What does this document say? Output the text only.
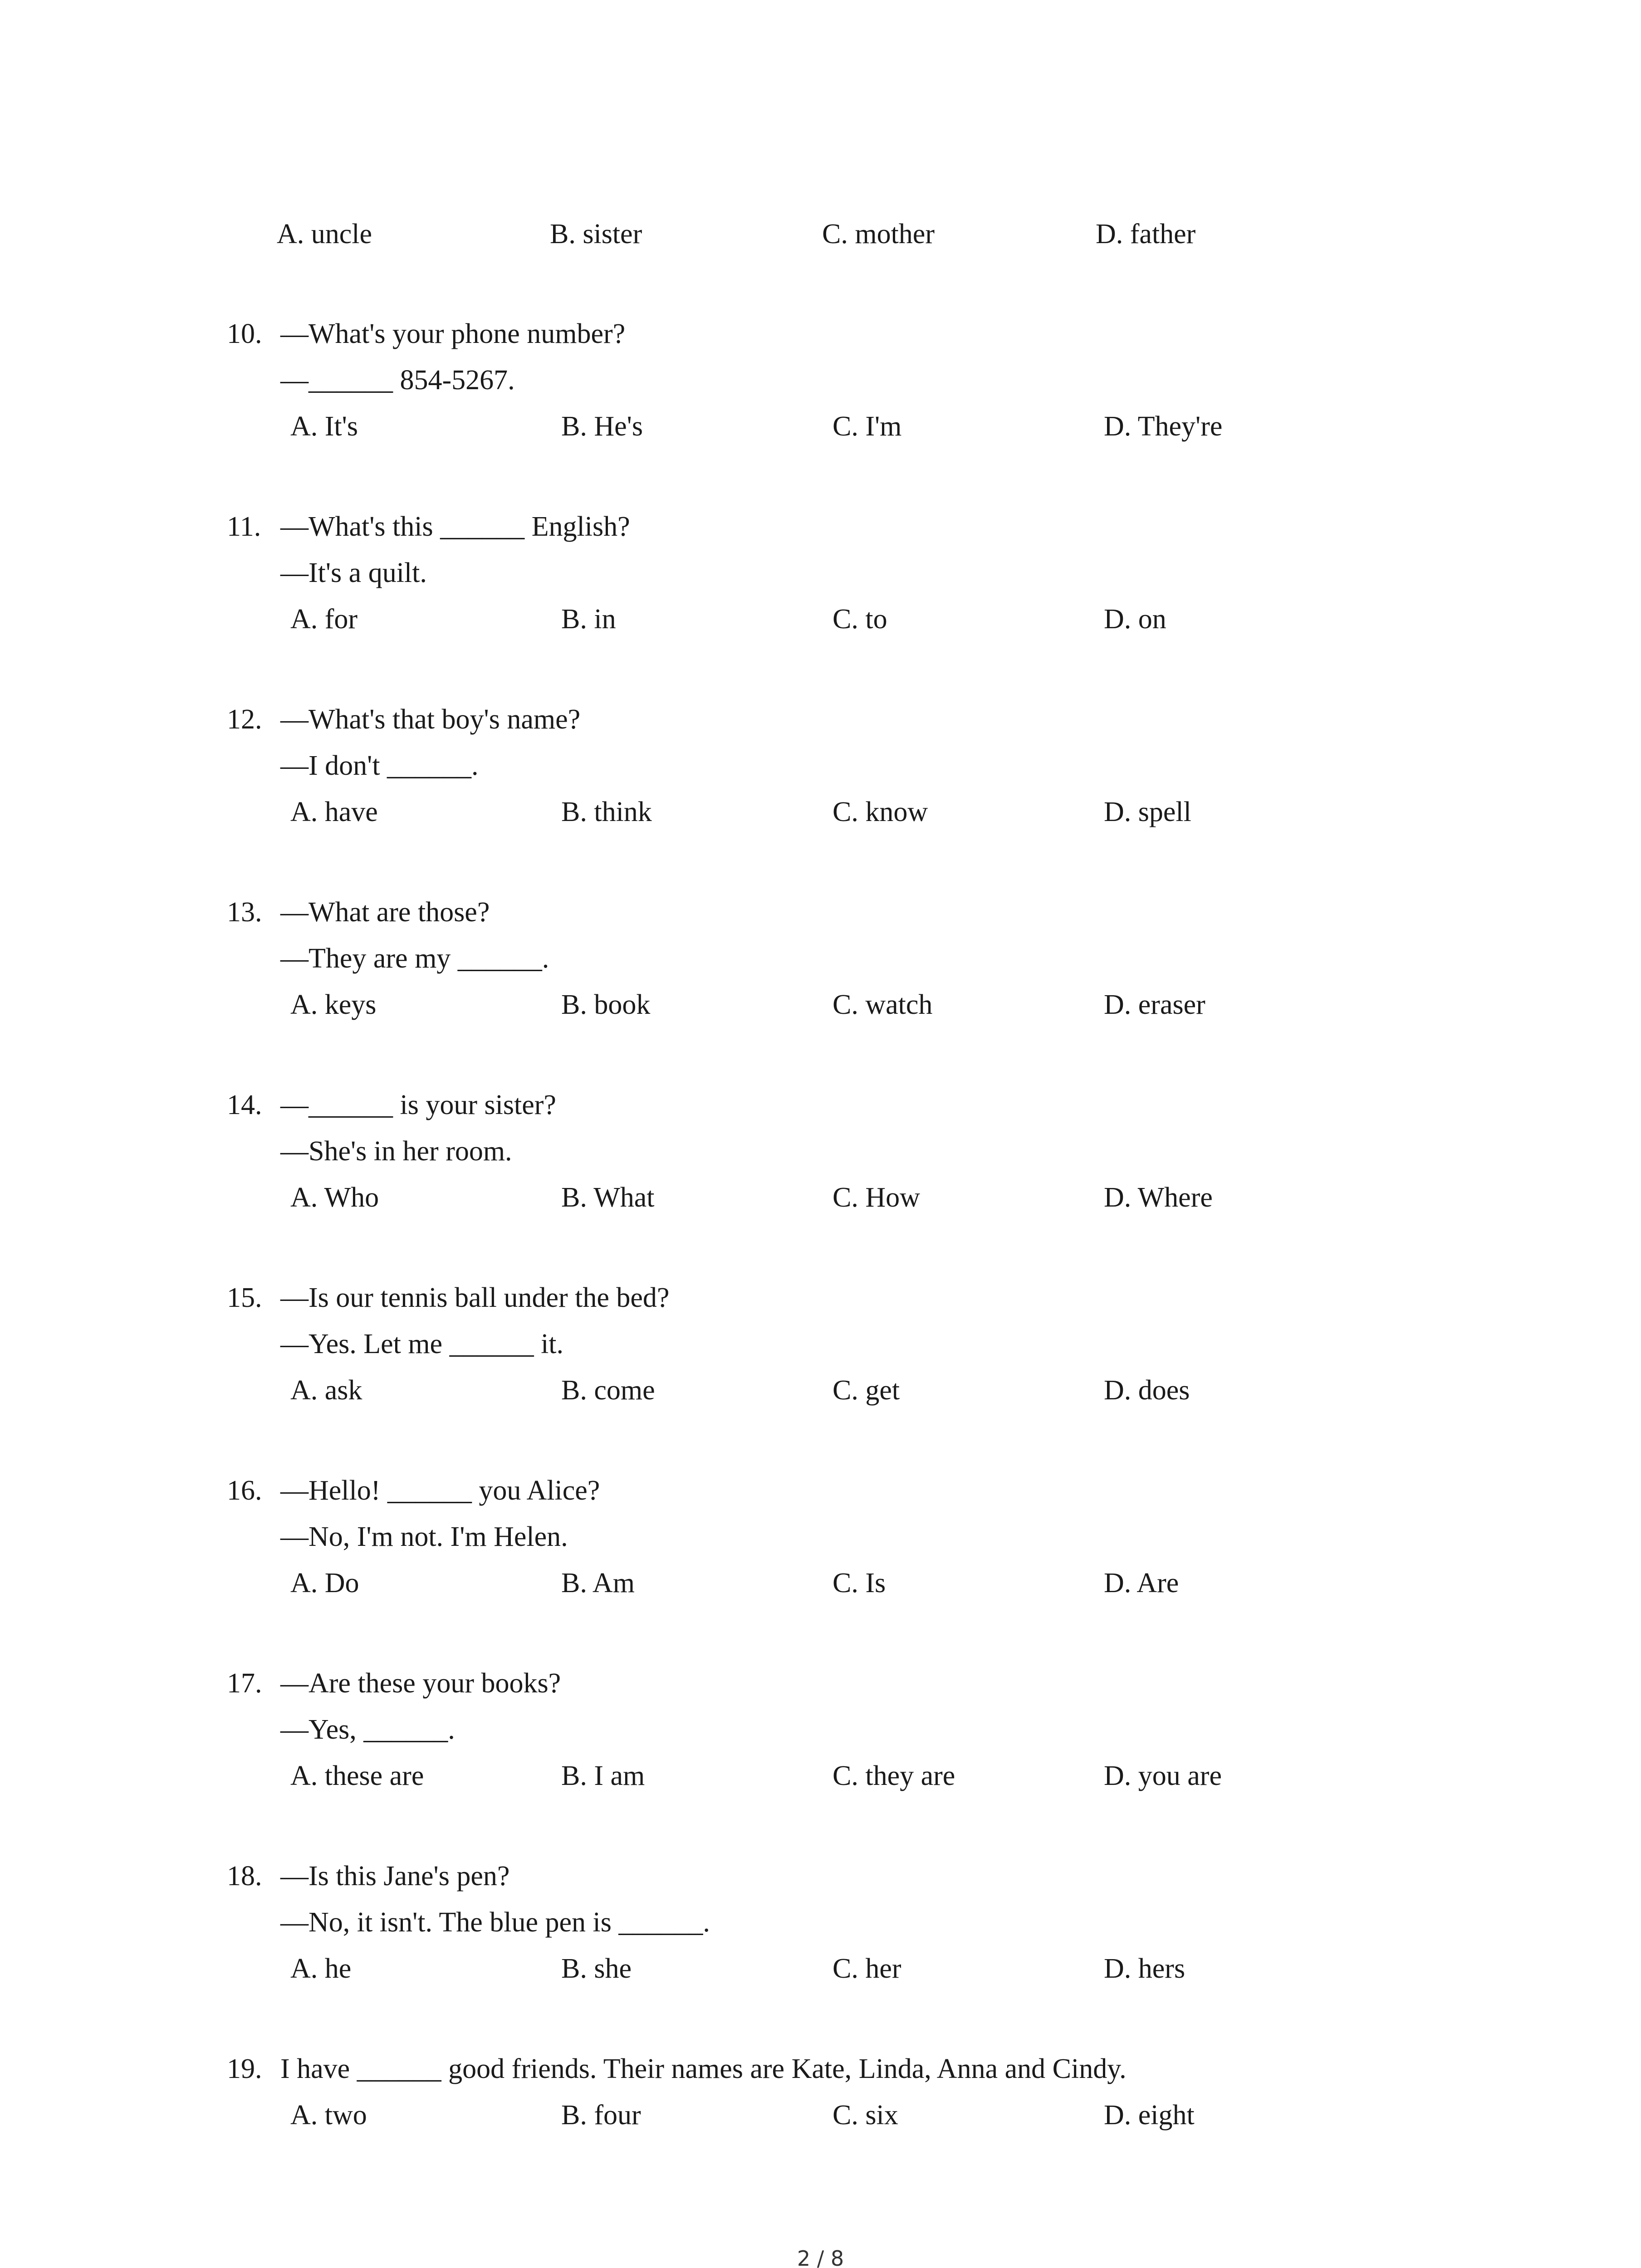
A. uncle	B. sister	C. mother	D. father
10. —What's your phone number?
—______ 854-5267.
A. It's	B. He's	C. I'm	D. They're
11. —What's this ______ English?
—It's a quilt.
A. for	B. in	C. to	D. on
12. —What's that boy's name?
—I don't ______.
A. have	B. think	C. know	D. spell
13. —What are those?
—They are my ______.
A. keys	B. book	C. watch	D. eraser
14. —______ is your sister?
—She's in her room.
A. Who	B. What	C. How	D. Where
15. —Is our tennis ball under the bed?
—Yes. Let me ______ it.
A. ask	B. come	C. get	D. does
16. —Hello! ______ you Alice?
—No, I'm not. I'm Helen.
A. Do	B. Am	C. Is	D. Are
17. —Are these your books?
—Yes, ______.
A. these are	B. I am	C. they are	D. you are
18. —Is this Jane's pen?
—No, it isn't. The blue pen is ______.
A. he	B. she	C. her	D. hers
19. I have ______ good friends. Their names are Kate, Linda, Anna and Cindy.
A. two	B. four	C. six	D. eight
2 / 8
